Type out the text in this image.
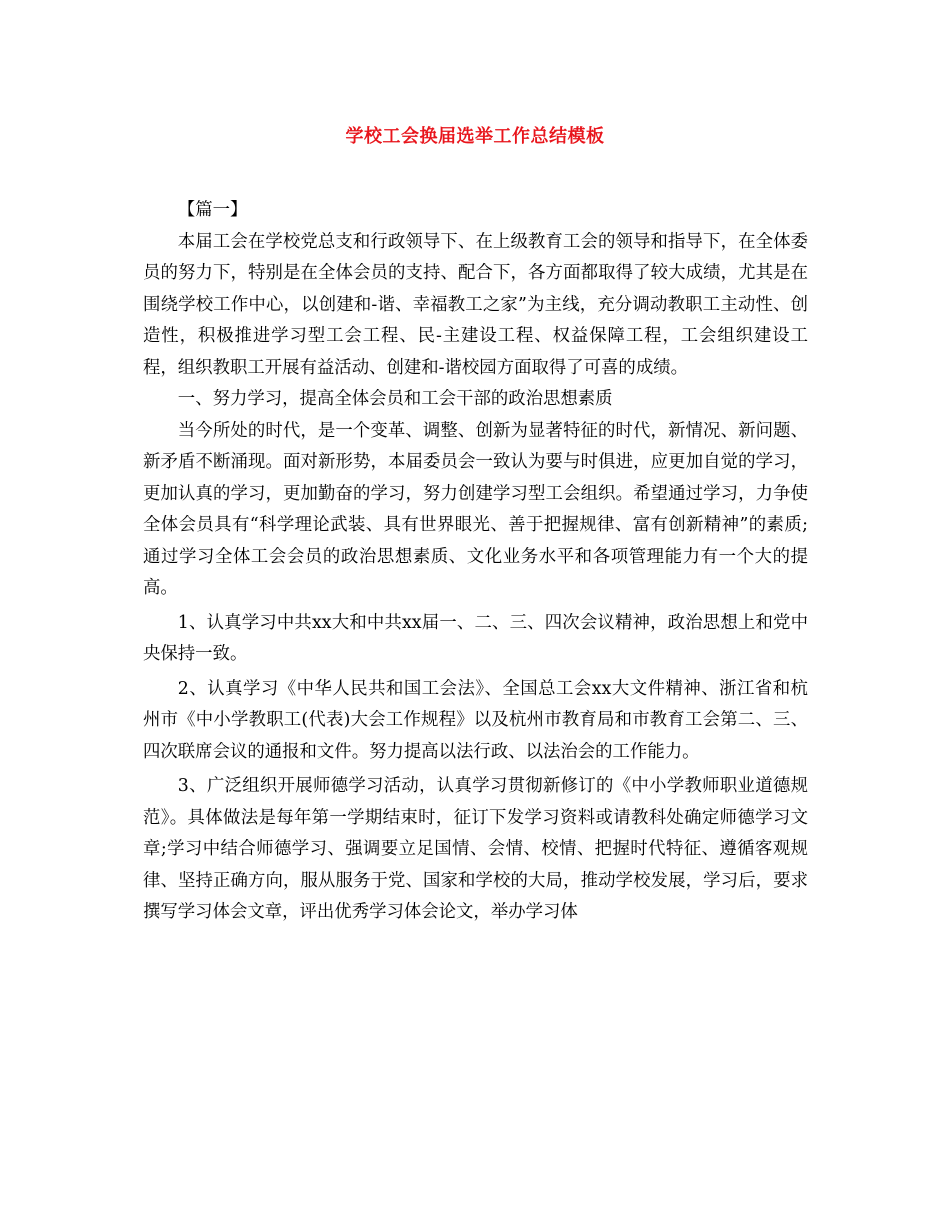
学校工会换届选举工作总结模板

【篇一】

本届工会在学校党总支和行政领导下、在上级教育工会的领导和指导下，在全体委员的努力下，特别是在全体会员的支持、配合下，各方面都取得了较大成绩，尤其是在围绕学校工作中心，以创建和-谐、幸福教工之家”为主线，充分调动教职工主动性、创造性，积极推进学习型工会工程、民-主建设工程、权益保障工程，工会组织建设工程，组织教职工开展有益活动、创建和-谐校园方面取得了可喜的成绩。

一、努力学习，提高全体会员和工会干部的政治思想素质

当今所处的时代，是一个变革、调整、创新为显著特征的时代，新情况、新问题、新矛盾不断涌现。面对新形势，本届委员会一致认为要与时俱进，应更加自觉的学习，更加认真的学习，更加勤奋的学习，努力创建学习型工会组织。希望通过学习，力争使全体会员具有“科学理论武装、具有世界眼光、善于把握规律、富有创新精神”的素质;通过学习全体工会会员的政治思想素质、文化业务水平和各项管理能力有一个大的提高。

1、认真学习中共xx大和中共xx届一、二、三、四次会议精神，政治思想上和党中央保持一致。

2、认真学习《中华人民共和国工会法》、全国总工会xx大文件精神、浙江省和杭州市《中小学教职工(代表)大会工作规程》以及杭州市教育局和市教育工会第二、三、四次联席会议的通报和文件。努力提高以法行政、以法治会的工作能力。

3、广泛组织开展师德学习活动，认真学习贯彻新修订的《中小学教师职业道德规范》。具体做法是每年第一学期结束时，征订下发学习资料或请教科处确定师德学习文章;学习中结合师德学习、强调要立足国情、会情、校情、把握时代特征、遵循客观规律、坚持正确方向，服从服务于党、国家和学校的大局，推动学校发展，学习后，要求撰写学习体会文章，评出优秀学习体会论文，举办学习体
